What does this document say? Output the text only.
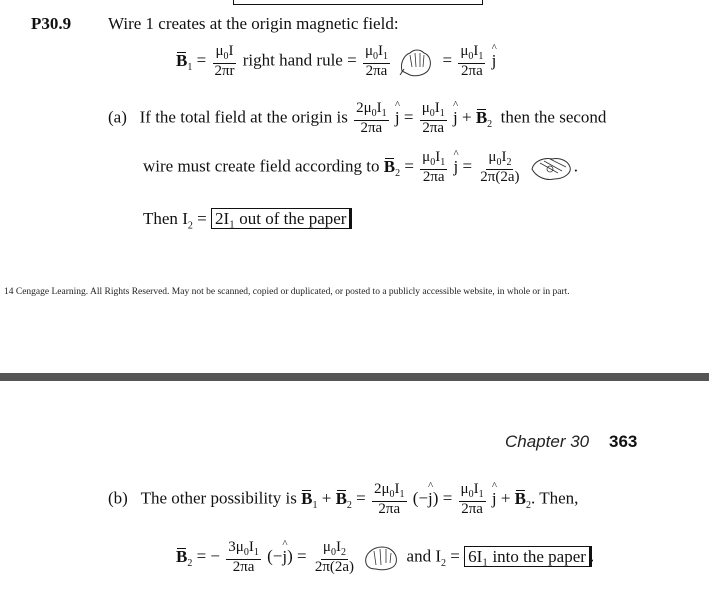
P30.9 Wire 1 creates at the origin magnetic field:
$B_1 = \frac{\mu_0I}{2\pi r}$ right hand rule = $\frac{\mu_0I_1}{2\pi a}$	= $\frac{\mu_0I_1}{2\pi a}$ ^ j
(a) If the total field at the origin is $\frac{2\mu_0I_1}{2\pi a}$ ^ $j = \frac{\mu_0I_1}{2\pi a}$ ^ $j + B_2$ then the second
wire must create field according to $B_2 = \frac{\mu_0I_1}{2\pi a}$ ^ $j = \frac{\mu_0I_2}{2\pi(2a)}$	.
Then $I_2 = 2I_1$ out of the paper
14 Cengage Learning. All Rights Reserved. May not be scanned, copied or duplicated, or posted to a publicly accessible website, in whole or in part.
Chapter 30 363
(b) The other possibility is $B_1 + B_2 = \frac{2\mu_0I_1}{2\pi a}$ (−^ $j) = \frac{\mu_0I_1}{2\pi a}$ ^ $j + B_2$. Then,
$B_2$ = − $\frac{3\mu_0I_1}{2\pi a}$ (−^ $j) = \frac{\mu_0I_2}{2\pi(2a)}$	and $I_2 = 6I_1$ into the paper .
